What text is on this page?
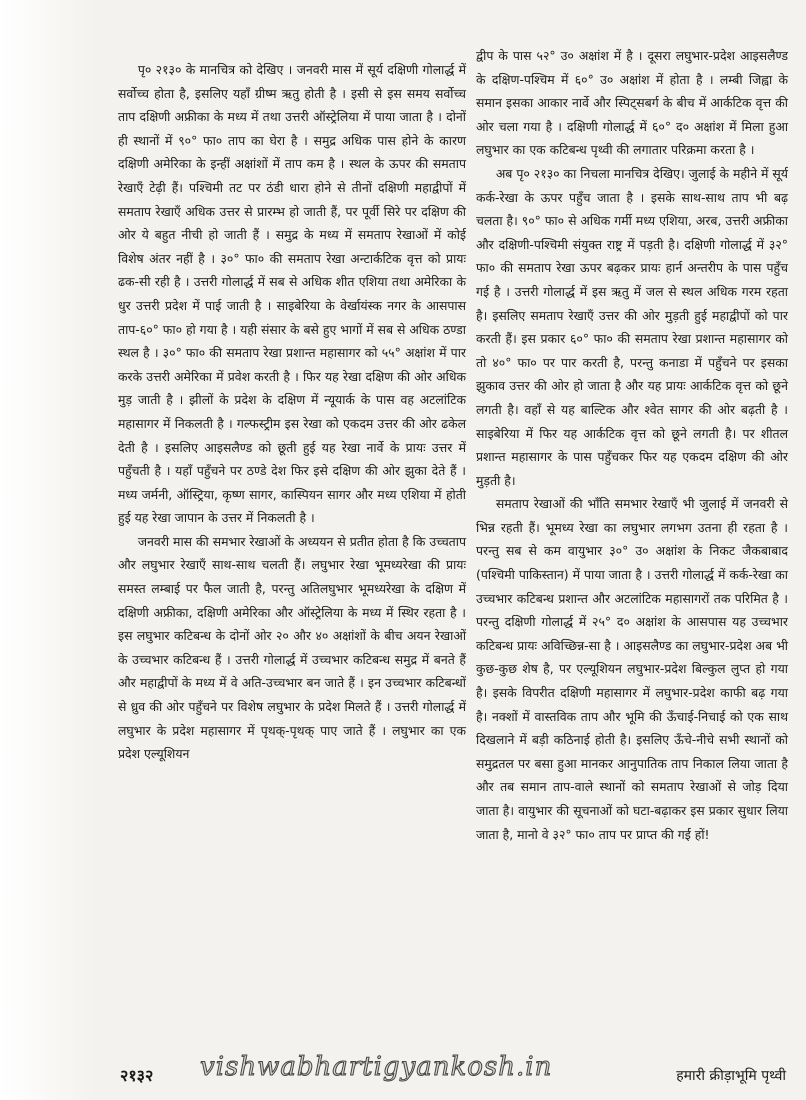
पृ० २१३० के मानचित्र को देखिए । जनवरी मास में सूर्य दक्षिणी गोलार्द्ध में सर्वोच्च होता है, इसलिए यहाँ ग्रीष्म ऋतु होती है । इसी से इस समय सर्वोच्च ताप दक्षिणी अफ्रीका के मध्य में तथा उत्तरी ऑस्ट्रेलिया में पाया जाता है । दोनों ही स्थानों में ९०° फा० ताप का घेरा है । समुद्र अधिक पास होने के कारण दक्षिणी अमेरिका के इन्हीं अक्षांशों में ताप कम है । स्थल के ऊपर की समताप रेखाएँ टेढ़ी हैं। पश्चिमी तट पर ठंडी धारा होने से तीनों दक्षिणी महाद्वीपों में समताप रेखाएँ अधिक उत्तर से प्रारम्भ हो जाती हैं, पर पूर्वी सिरे पर दक्षिण की ओर ये बहुत नीची हो जाती हैं । समुद्र के मध्य में समताप रेखाओं में कोई विशेष अंतर नहीं है । ३०° फा० की समताप रेखा अन्टार्कटिक वृत्त को प्रायः ढक-सी रही है । उत्तरी गोलार्द्ध में सब से अधिक शीत एशिया तथा अमेरिका के धुर उत्तरी प्रदेश में पाई जाती है । साइबेरिया के वेर्खायंस्क नगर के आसपास ताप-६०° फा० हो गया है । यही संसार के बसे हुए भागों में सब से अधिक ठण्डा स्थल है । ३०° फा० की समताप रेखा प्रशान्त महासागर को ५५° अक्षांश में पार करके उत्तरी अमेरिका में प्रवेश करती है । फिर यह रेखा दक्षिण की ओर अधिक मुड़ जाती है । झीलों के प्रदेश के दक्षिण में न्यूयार्क के पास वह अटलांटिक महासागर में निकलती है । गल्फस्ट्रीम इस रेखा को एकदम उत्तर की ओर ढकेल देती है । इसलिए आइसलैण्ड को छूती हुई यह रेखा नार्वे के प्रायः उत्तर में पहुँचती है । यहाँ पहुँचने पर ठण्डे देश फिर इसे दक्षिण की ओर झुका देते हैं । मध्य जर्मनी, ऑस्ट्रिया, कृष्ण सागर, कास्पियन सागर और मध्य एशिया में होती हुई यह रेखा जापान के उत्तर में निकलती है ।

जनवरी मास की समभार रेखाओं के अध्ययन से प्रतीत होता है कि उच्चताप और लघुभार रेखाएँ साथ-साथ चलती हैं। लघुभार रेखा भूमध्यरेखा की प्रायः समस्त लम्बाई पर फैल जाती है, परन्तु अतिलघुभार भूमध्यरेखा के दक्षिण में दक्षिणी अफ्रीका, दक्षिणी अमेरिका और ऑस्ट्रेलिया के मध्य में स्थिर रहता है । इस लघुभार कटिबन्ध के दोनों ओर २० और ४० अक्षांशों के बीच अयन रेखाओं के उच्चभार कटिबन्ध हैं । उत्तरी गोलार्द्ध में उच्चभार कटिबन्ध समुद्र में बनते हैं और महाद्वीपों के मध्य में वे अति-उच्चभार बन जाते हैं । इन उच्चभार कटिबन्धों से ध्रुव की ओर पहुँचने पर विशेष लघुभार के प्रदेश मिलते हैं । उत्तरी गोलार्द्ध में लघुभार के प्रदेश महासागर में पृथक्-पृथक् पाए जाते हैं । लघुभार का एक प्रदेश एल्यूशियन

द्वीप के पास ५२° उ० अक्षांश में है । दूसरा लघुभार-प्रदेश आइसलैण्ड के दक्षिण-पश्चिम में ६०° उ० अक्षांश में होता है । लम्बी जिह्वा के समान इसका आकार नार्वे और स्पिट्सबर्ग के बीच में आर्कटिक वृत्त की ओर चला गया है । दक्षिणी गोलार्द्ध में ६०° द० अक्षांश में मिला हुआ लघुभार का एक कटिबन्ध पृथ्वी की लगातार परिक्रमा करता है ।

अब पृ० २१३० का निचला मानचित्र देखिए। जुलाई के महीने में सूर्य कर्क-रेखा के ऊपर पहुँच जाता है । इसके साथ-साथ ताप भी बढ़ चलता है। ९०° फा० से अधिक गर्मी मध्य एशिया, अरब, उत्तरी अफ्रीका और दक्षिणी-पश्चिमी संयुक्त राष्ट्र में पड़ती है। दक्षिणी गोलार्द्ध में ३२° फा० की समताप रेखा ऊपर बढ़कर प्रायः हार्न अन्तरीप के पास पहुँच गई है । उत्तरी गोलार्द्ध में इस ऋतु में जल से स्थल अधिक गरम रहता है। इसलिए समताप रेखाएँ उत्तर की ओर मुड़ती हुई महाद्वीपों को पार करती हैं। इस प्रकार ६०° फा० की समताप रेखा प्रशान्त महासागर को तो ४०° फा० पर पार करती है, परन्तु कनाडा में पहुँचने पर इसका झुकाव उत्तर की ओर हो जाता है और यह प्रायः आर्कटिक वृत्त को छूने लगती है। वहाँ से यह बाल्टिक और श्वेत सागर की ओर बढ़ती है । साइबेरिया में फिर यह आर्कटिक वृत्त को छूने लगती है। पर शीतल प्रशान्त महासागर के पास पहुँचकर फिर यह एकदम दक्षिण की ओर मुड़ती है।

समताप रेखाओं की भाँति समभार रेखाएँ भी जुलाई में जनवरी से भिन्न रहती हैं। भूमध्य रेखा का लघुभार लगभग उतना ही रहता है । परन्तु सब से कम वायुभार ३०° उ० अक्षांश के निकट जैकबाबाद (पश्चिमी पाकिस्तान) में पाया जाता है । उत्तरी गोलार्द्ध में कर्क-रेखा का उच्चभार कटिबन्ध प्रशान्त और अटलांटिक महासागरों तक परिमित है । परन्तु दक्षिणी गोलार्द्ध में २५° द० अक्षांश के आसपास यह उच्चभार कटिबन्ध प्रायः अविच्छिन्न-सा है । आइसलैण्ड का लघुभार-प्रदेश अब भी कुछ-कुछ शेष है, पर एल्यूशियन लघुभार-प्रदेश बिल्कुल लुप्त हो गया है। इसके विपरीत दक्षिणी महासागर में लघुभार-प्रदेश काफी बढ़ गया है। नक्शों में वास्तविक ताप और भूमि की ऊँचाई-निचाई को एक साथ दिखलाने में बड़ी कठिनाई होती है। इसलिए ऊँचे-नीचे सभी स्थानों को समुद्रतल पर बसा हुआ मानकर आनुपातिक ताप निकाल लिया जाता है और तब समान ताप-वाले स्थानों को समताप रेखाओं से जोड़ दिया जाता है। वायुभार की सूचनाओं को घटा-बढ़ाकर इस प्रकार सुधार लिया जाता है, मानो वे ३२° फा० ताप पर प्राप्त की गई हों!

२१३२ vishwabhartigyankosh.in	हमारी क्रीड़ाभूमि पृथ्वी
